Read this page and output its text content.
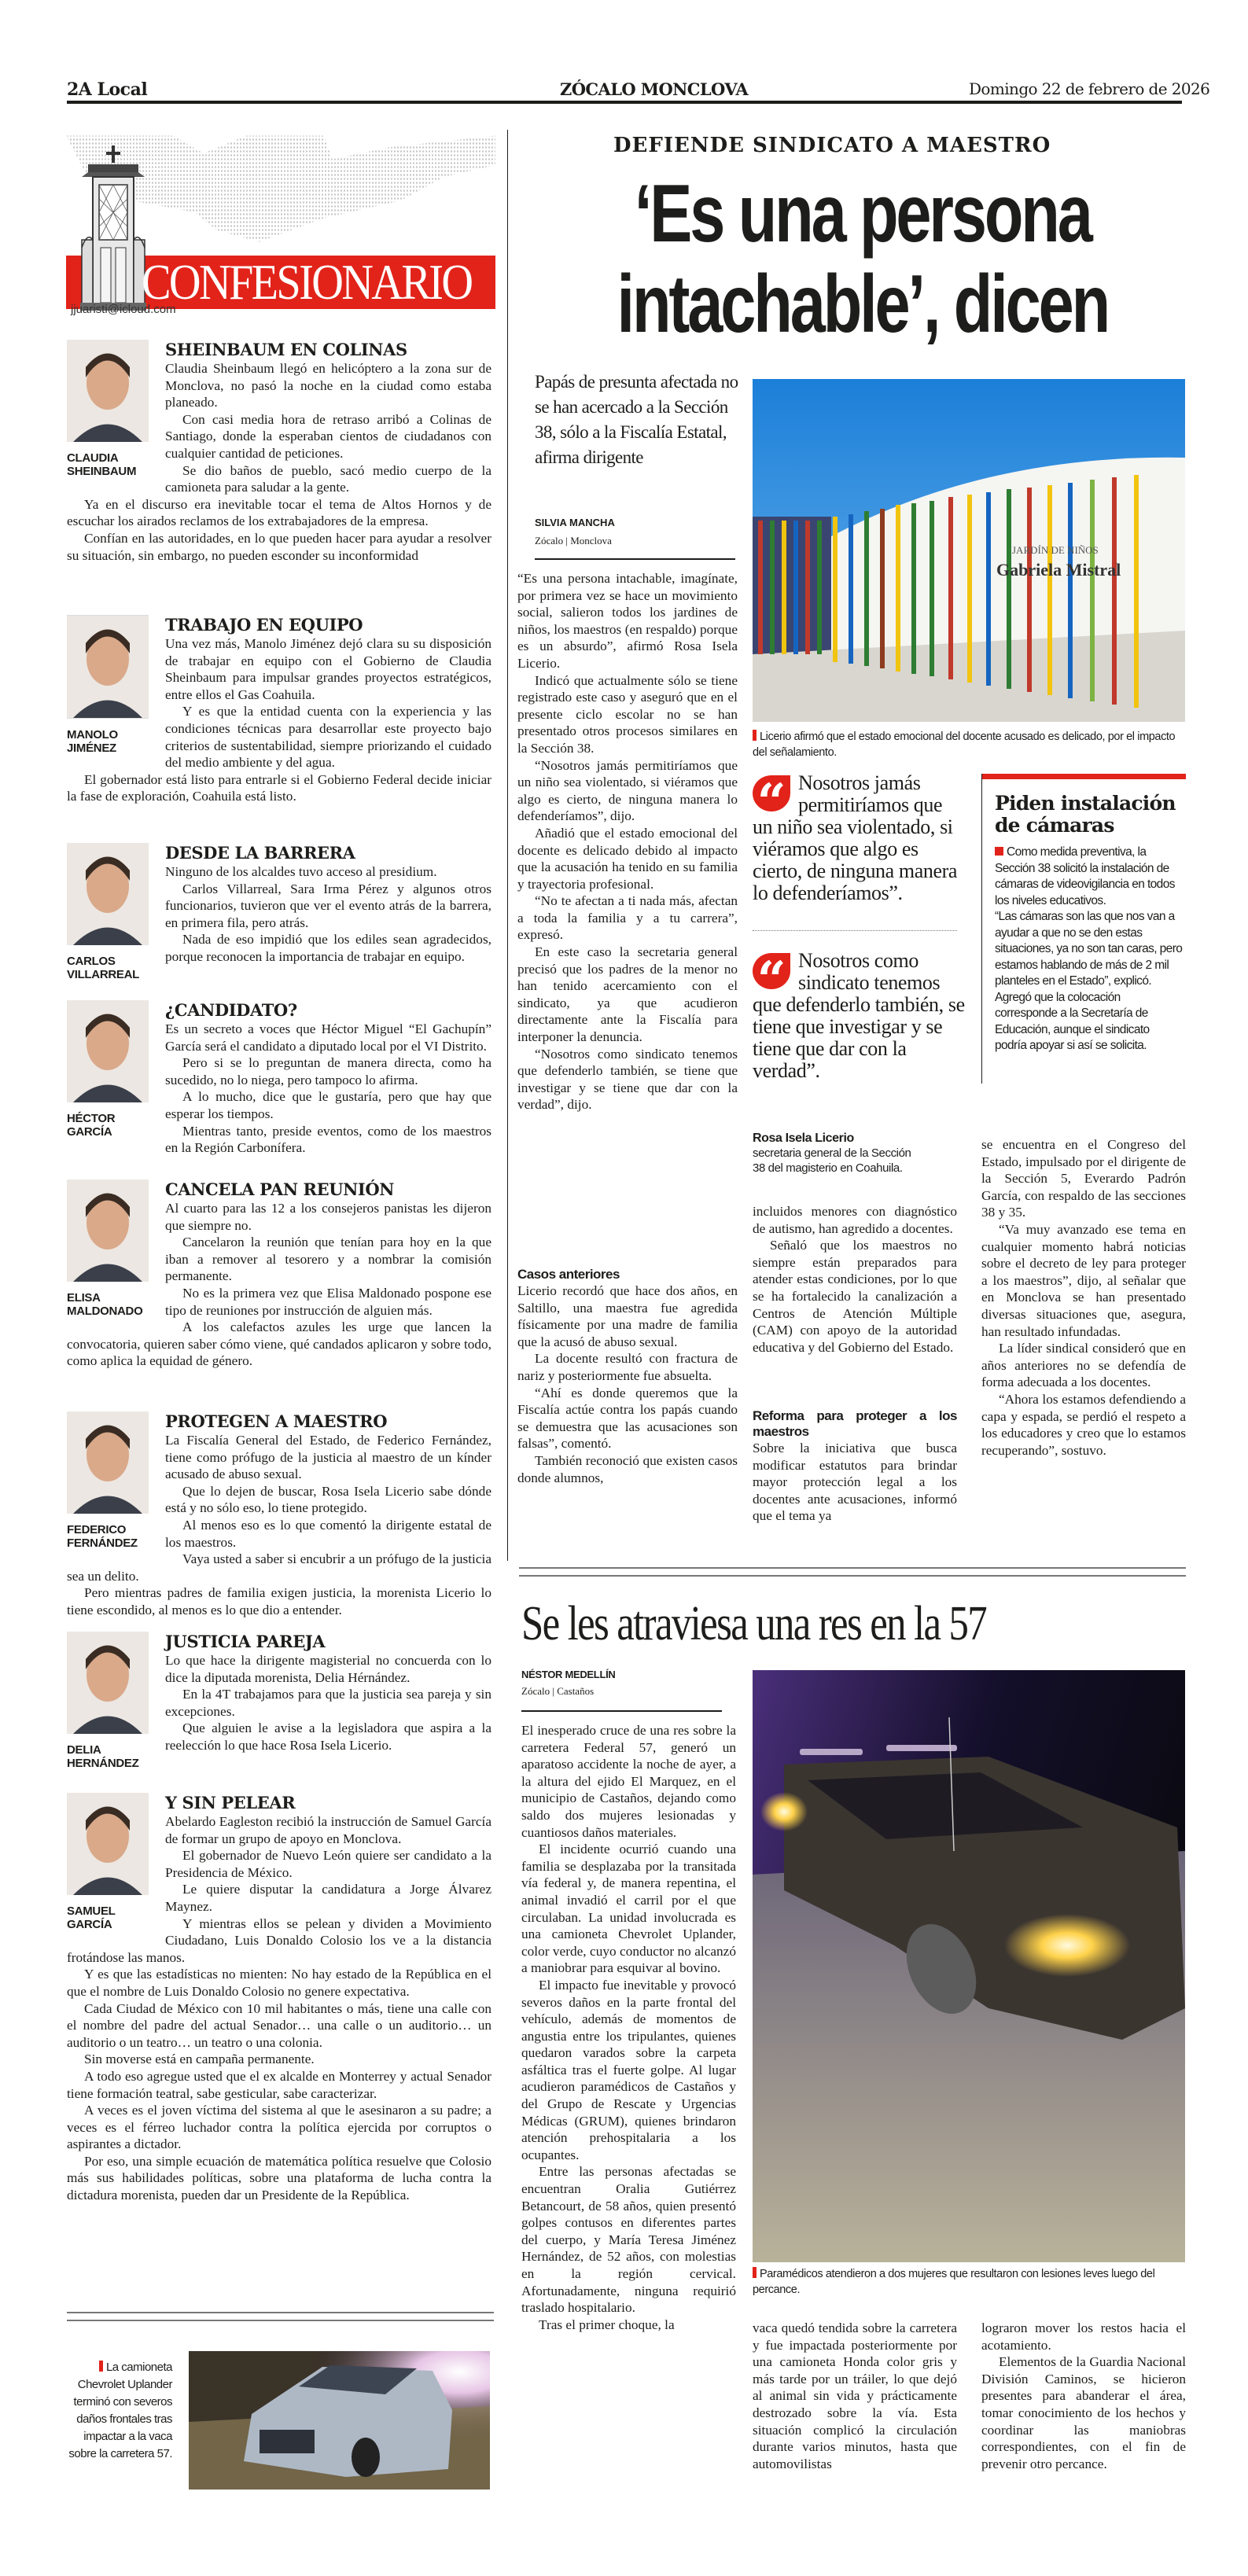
2A Local	ZÓCALO MONCLOVA	Domingo 22 de febrero de 2026
CONFESIONARIO
jjuaristi@icloud.com
CLAUDIA
SHEINBAUM
SHEINBAUM EN COLINAS

Claudia Sheinbaum llegó en helicóptero a la zona sur de Monclova, no pasó la noche en la ciudad como estaba planeado.

Con casi media hora de retraso arribó a Colinas de Santiago, donde la esperaban cientos de ciudadanos con cualquier cantidad de peticiones.

Se dio baños de pueblo, sacó medio cuerpo de la camioneta para saludar a la gente.

Ya en el discurso era inevitable tocar el tema de Altos Hornos y de escuchar los airados reclamos de los extrabajadores de la empresa.

Confían en las autoridades, en lo que pueden hacer para ayudar a resolver su situación, sin embargo, no pueden esconder su inconformidad

MANOLO
JIMÉNEZ
TRABAJO EN EQUIPO

Una vez más, Manolo Jiménez dejó clara su su disposición de trabajar en equipo con el Gobierno de Claudia Sheinbaum para impulsar grandes proyectos estratégicos, entre ellos el Gas Coahuila.

Y es que la entidad cuenta con la experiencia y las condiciones técnicas para desarrollar este proyecto bajo criterios de sustentabilidad, siempre priorizando el cuidado del medio ambiente y del agua.

El gobernador está listo para entrarle si el Gobierno Federal decide iniciar la fase de exploración, Coahuila está listo.

CARLOS
VILLARREAL
DESDE LA BARRERA

Ninguno de los alcaldes tuvo acceso al presidium.

Carlos Villarreal, Sara Irma Pérez y algunos otros funcionarios, tuvieron que ver el evento atrás de la barrera, en primera fila, pero atrás.

Nada de eso impidió que los ediles sean agradecidos, porque reconocen la importancia de trabajar en equipo.

HÉCTOR
GARCÍA
¿CANDIDATO?

Es un secreto a voces que Héctor Miguel “El Gachupín” García será el candidato a diputado local por el VI Distrito.

Pero si se lo preguntan de manera directa, como ha sucedido, no lo niega, pero tampoco lo afirma.

A lo mucho, dice que le gustaría, pero que hay que esperar los tiempos.

Mientras tanto, preside eventos, como de los maestros en la Región Carbonífera.

ELISA
MALDONADO
CANCELA PAN REUNIÓN

Al cuarto para las 12 a los consejeros panistas les dijeron que siempre no.

Cancelaron la reunión que tenían para hoy en la que iban a remover al tesorero y a nombrar la comisión permanente.

No es la primera vez que Elisa Maldonado pospone ese tipo de reuniones por instrucción de alguien más.

A los calefactos azules les urge que lancen la convocatoria, quieren saber cómo viene, qué candados aplicaron y sobre todo, como aplica la equidad de género.

FEDERICO
FERNÁNDEZ
PROTEGEN A MAESTRO

La Fiscalía General del Estado, de Federico Fernández, tiene como prófugo de la justicia al maestro de un kínder acusado de abuso sexual.

Que lo dejen de buscar, Rosa Isela Licerio sabe dónde está y no sólo eso, lo tiene protegido.

Al menos eso es lo que comentó la dirigente estatal de los maestros.

Vaya usted a saber si encubrir a un prófugo de la justicia sea un delito.

Pero mientras padres de familia exigen justicia, la morenista Licerio lo tiene escondido, al menos es lo que dio a entender.

DELIA
HERNÁNDEZ
JUSTICIA PAREJA

Lo que hace la dirigente magisterial no concuerda con lo dice la diputada morenista, Delia Hérnández.

En la 4T trabajamos para que la justicia sea pareja y sin excepciones.

Que alguien le avise a la legisladora que aspira a la reelección lo que hace Rosa Isela Licerio.

SAMUEL
GARCÍA
Y SIN PELEAR

Abelardo Eagleston recibió la instrucción de Samuel García de formar un grupo de apoyo en Monclova.

El gobernador de Nuevo León quiere ser candidato a la Presidencia de México.

Le quiere disputar la candidatura a Jorge Álvarez Maynez.

Y mientras ellos se pelean y dividen a Movimiento Ciudadano, Luis Donaldo Colosio los ve a la distancia frotándose las manos.

Y es que las estadísticas no mienten: No hay estado de la República en el que el nombre de Luis Donaldo Colosio no genere expectativa.

Cada Ciudad de México con 10 mil habitantes o más, tiene una calle con el nombre del padre del actual Senador… una calle o un auditorio… un auditorio o un teatro… un teatro o una colonia.

Sin moverse está en campaña permanente.

A todo eso agregue usted que el ex alcalde en Monterrey y actual Senador tiene formación teatral, sabe gesticular, sabe caracterizar.

A veces es el joven víctima del sistema al que le asesinaron a su padre; a veces es el férreo luchador contra la política ejercida por corruptos o aspirantes a dictador.

Por eso, una simple ecuación de matemática política resuelve que Colosio más sus habilidades políticas, sobre una plataforma de lucha contra la dictadura morenista, pueden dar un Presidente de la República.

DEFIENDE SINDICATO A MAESTRO
‘Es una persona
intachable’, dicen
Papás de presunta afectada no se han acercado a la Sección 38, sólo a la Fiscalía Estatal, afirma dirigente
SILVIA MANCHA
Zócalo | Monclova

“Es una persona intachable, imagínate, por primera vez se hace un movimiento social, salieron todos los jardines de niños, los maestros (en respaldo) porque es un absurdo”, afirmó Rosa Isela Licerio.

Indicó que actualmente sólo se tiene registrado este caso y aseguró que en el presente ciclo escolar no se han presentado otros procesos similares en la Sección 38.

“Nosotros jamás permitiríamos que un niño sea violentado, si viéramos que algo es cierto, de ninguna manera lo defenderíamos”, dijo.

Añadió que el estado emocional del docente es delicado debido al impacto que la acusación ha tenido en su familia y trayectoria profesional.

“No te afectan a ti nada más, afectan a toda la familia y a tu carrera”, expresó.

En este caso la secretaria general precisó que los padres de la menor no han tenido acercamiento con el sindicato, ya que acudieron directamente ante la Fiscalía para interponer la denuncia.

“Nosotros como sindicato tenemos que defenderlo también, se tiene que investigar y se tiene que dar con la verdad”, dijo.

Casos anteriores

Licerio recordó que hace dos años, en Saltillo, una maestra fue agredida físicamente por una madre de familia que la acusó de abuso sexual.

La docente resultó con fractura de nariz y posteriormente fue absuelta.

“Ahí es donde queremos que la Fiscalía actúe contra los papás cuando se demuestra que las acusaciones son falsas”, comentó.

También reconoció que existen casos donde alumnos,

JARDÍN DE NIÑOS
Gabriela Mistral
Licerio afirmó que el estado emocional del docente acusado es delicado, por el impacto del señalamiento.
“ Nosotros jamás permitiríamos que un niño sea violentado, si viéramos que algo es cierto, de ninguna manera lo defenderíamos”.
“ Nosotros como sindicato tenemos que defenderlo también, se tiene que investigar y se tiene que dar con la verdad”.
Rosa Isela Licerio
secretaria general de la Sección 38 del magisterio en Coahuila.
Piden instalación de cámaras
Como medida preventiva, la Sección 38 solicitó la instalación de cámaras de videovigilancia en todos los niveles educativos.
“Las cámaras son las que nos van a ayudar a que no se den estas situaciones, ya no son tan caras, pero estamos hablando de más de 2 mil planteles en el Estado”, explicó.
Agregó que la colocación corresponde a la Secretaría de Educación, aunque el sindicato podría apoyar si así se solicita.

incluidos menores con diagnóstico de autismo, han agredido a docentes.

Señaló que los maestros no siempre están preparados para atender estas condiciones, por lo que se ha fortalecido la canalización a Centros de Atención Múltiple (CAM) con apoyo de la autoridad educativa y del Gobierno del Estado.

Reforma para proteger a los maestros

Sobre la iniciativa que busca modificar estatutos para brindar mayor protección legal a los docentes ante acusaciones, informó que el tema ya

se encuentra en el Congreso del Estado, impulsado por el dirigente de la Sección 5, Everardo Padrón García, con respaldo de las secciones 38 y 35.

“Va muy avanzado ese tema en cualquier momento habrá noticias sobre el decreto de ley para proteger a los maestros”, dijo, al señalar que en Monclova se han presentado diversas situaciones que, asegura, han resultado infundadas.

La líder sindical consideró que en años anteriores no se defendía de forma adecuada a los docentes.

“Ahora los estamos defendiendo a capa y espada, se perdió el respeto a los educadores y creo que lo estamos recuperando”, sostuvo.

Se les atraviesa una res en la 57
NÉSTOR MEDELLÍN
Zócalo | Castaños

El inesperado cruce de una res sobre la carretera Federal 57, generó un aparatoso accidente la noche de ayer, a la altura del ejido El Marquez, en el municipio de Castaños, dejando como saldo dos mujeres lesionadas y cuantiosos daños materiales.

El incidente ocurrió cuando una familia se desplazaba por la transitada vía federal y, de manera repentina, el animal invadió el carril por el que circulaban. La unidad involucrada es una camioneta Chevrolet Uplander, color verde, cuyo conductor no alcanzó a maniobrar para esquivar al bovino.

El impacto fue inevitable y provocó severos daños en la parte frontal del vehículo, además de momentos de angustia entre los tripulantes, quienes quedaron varados sobre la carpeta asfáltica tras el fuerte golpe. Al lugar acudieron paramédicos de Castaños y del Grupo de Rescate y Urgencias Médicas (GRUM), quienes brindaron atención prehospitalaria a los ocupantes.

Entre las personas afectadas se encuentran Oralia Gutiérrez Betancourt, de 58 años, quien presentó golpes contusos en diferentes partes del cuerpo, y María Teresa Jiménez Hernández, de 52 años, con molestias en la región cervical. Afortunadamente, ninguna requirió traslado hospitalario.

Tras el primer choque, la

Paramédicos atendieron a dos mujeres que resultaron con lesiones leves luego del percance.

vaca quedó tendida sobre la carretera y fue impactada posteriormente por una camioneta Honda color gris y más tarde por un tráiler, lo que dejó al animal sin vida y prácticamente destrozado sobre la vía. Esta situación complicó la circulación durante varios minutos, hasta que automovilistas

lograron mover los restos hacia el acotamiento.

Elementos de la Guardia Nacional División Caminos, se hicieron presentes para abanderar el área, tomar conocimiento de los hechos y coordinar las maniobras correspondientes, con el fin de prevenir otro percance.

La camioneta Chevrolet Uplander terminó con severos daños frontales tras impactar a la vaca sobre la carretera 57.
